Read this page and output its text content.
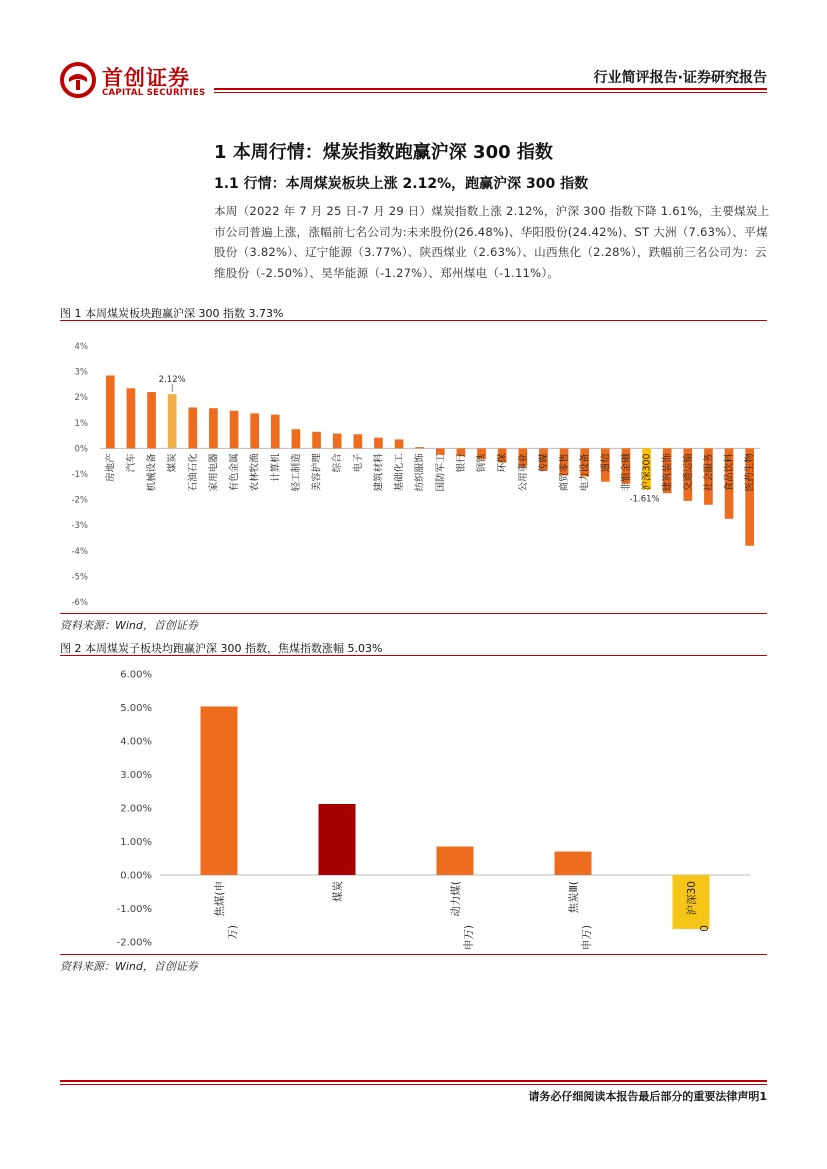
首创证券
CAPITAL SECURITIES
行业简评报告·证券研究报告
1 本周行情：煤炭指数跑赢沪深 300 指数
1.1 行情：本周煤炭板块上涨 2.12%，跑赢沪深 300 指数
本周（2022 年 7 月 25 日-7 月 29 日）煤炭指数上涨 2.12%，沪深 300 指数下降 1.61%，主要煤炭上市公司普遍上涨，涨幅前七名公司为:未来股份(26.48%)、华阳股份(24.42%)、ST 大洲（7.63%）、平煤股份（3.82%）、辽宁能源（3.77%）、陕西煤业（2.63%）、山西焦化（2.28%），跌幅前三名公司为：云维股份（-2.50%）、昊华能源（-1.27%）、郑州煤电（-1.11%）。
图 1 本周煤炭板块跑赢沪深 300 指数 3.73%
4%
3%
2%
1%
0%
-1%
-2%
-3%
-4%
-5%
-6%
房地产 汽车 机械设备 煤炭 石油石化 家用电器 有色金属 农林牧渔 计算机 轻工制造 美容护理 综合 电子 建筑材料 基础化工 纺织服饰 国防军工 银行 钢铁 环保 公用事业 传媒 商贸零售 电力设备 通信 非银金融 沪深300 建筑装饰 交通运输 社会服务 食品饮料 医药生物
2.12%
-1.61%
资料来源：Wind，首创证券
图 2 本周煤炭子板块均跑赢沪深 300 指数，焦煤指数涨幅 5.03%
6.00%
5.00%
4.00%
3.00%
2.00%
1.00%
0.00%
-1.00%
-2.00%
焦煤(申万)
煤炭	动力煤(申万)
焦炭Ⅲ(申万)
沪深300
资料来源：Wind，首创证券
请务必仔细阅读本报告最后部分的重要法律声明1
